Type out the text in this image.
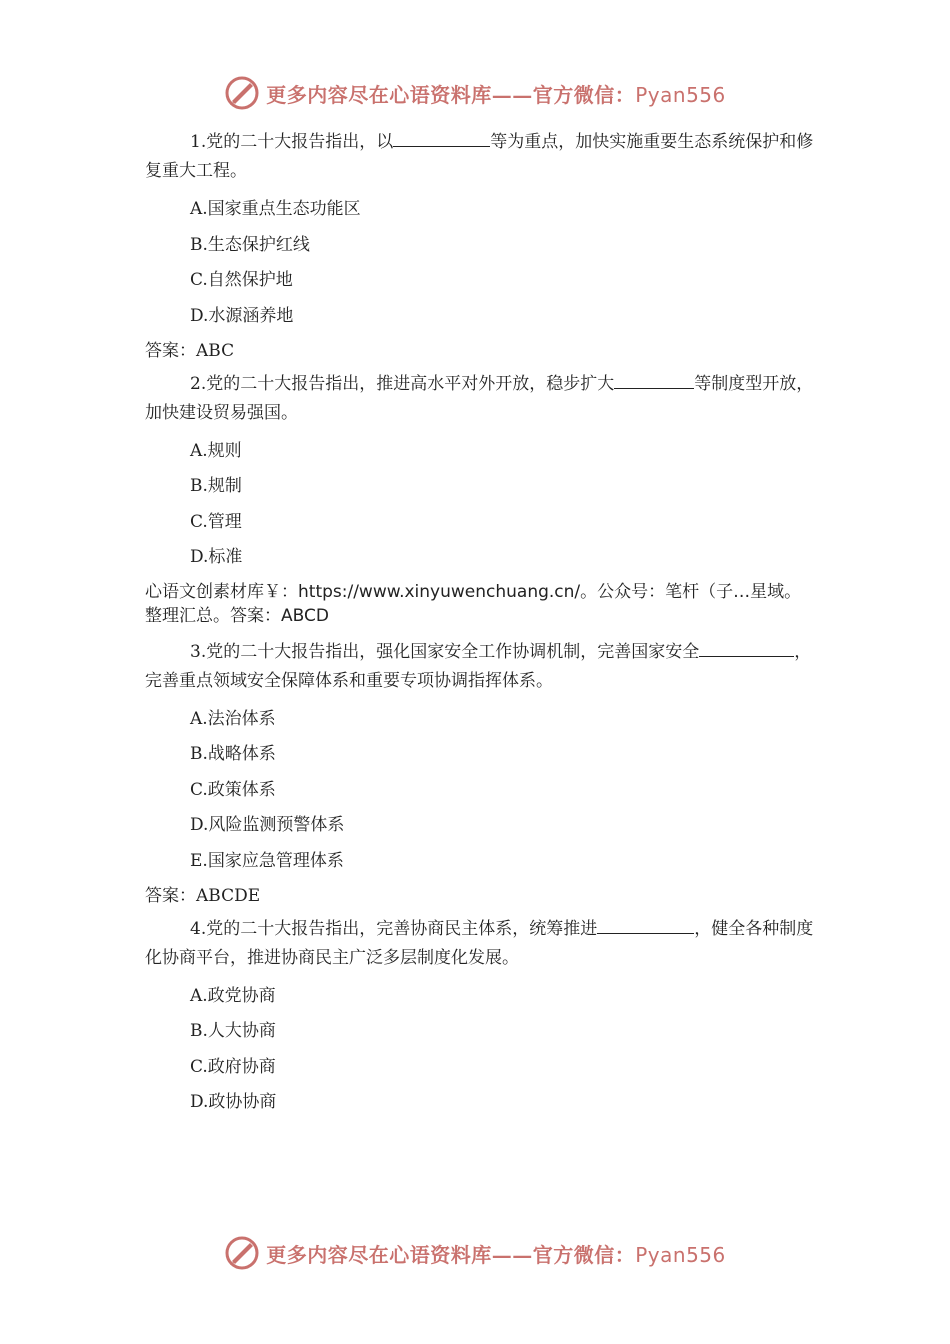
更多内容尽在心语资料库——官方微信：Pyan556

1.党的二十大报告指出，以	等为重点，加快实施重要生态系统保护和修复重大工程。

A.国家重点生态功能区
B.生态保护红线
C.自然保护地
D.水源涵养地
答案：ABC

2.党的二十大报告指出，推进高水平对外开放，稳步扩大	等制度型开放，加快建设贸易强国。

A.规则
B.规制
C.管理
D.标准
心语文创素材库￥：https://www.xinyuwenchuang.cn/。公众号：笔杆（子…星域。
整理汇总。答案：ABCD

3.党的二十大报告指出，强化国家安全工作协调机制，完善国家安全	，完善重点领域安全保障体系和重要专项协调指挥体系。

A.法治体系
B.战略体系
C.政策体系
D.风险监测预警体系
E.国家应急管理体系
答案：ABCDE

4.党的二十大报告指出，完善协商民主体系，统筹推进	，健全各种制度化协商平台，推进协商民主广泛多层制度化发展。

A.政党协商
B.人大协商
C.政府协商
D.政协协商
更多内容尽在心语资料库——官方微信：Pyan556
